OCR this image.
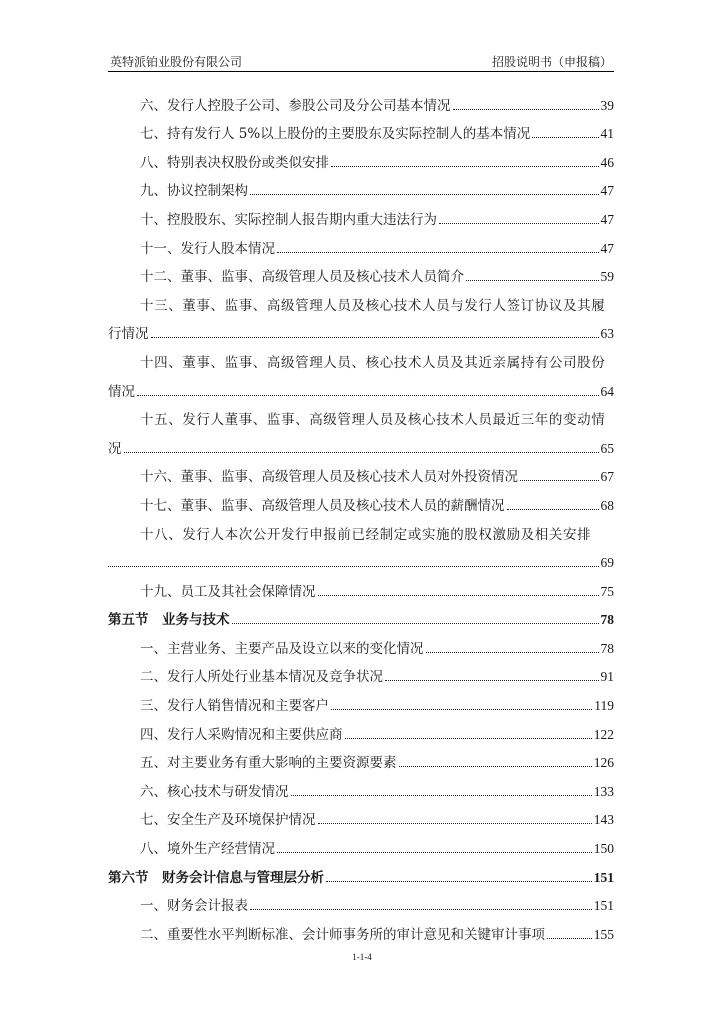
英特派铂业股份有限公司	招股说明书（申报稿）
六、发行人控股子公司、参股公司及分公司基本情况	39
七、持有发行人 5%以上股份的主要股东及实际控制人的基本情况	41
八、特别表决权股份或类似安排	46
九、协议控制架构	47
十、控股股东、实际控制人报告期内重大违法行为	47
十一、发行人股本情况	47
十二、董事、监事、高级管理人员及核心技术人员简介	59
十三、董事、监事、高级管理人员及核心技术人员与发行人签订协议及其履
行情况	63
十四、董事、监事、高级管理人员、核心技术人员及其近亲属持有公司股份
情况	64
十五、发行人董事、监事、高级管理人员及核心技术人员最近三年的变动情
况	65
十六、董事、监事、高级管理人员及核心技术人员对外投资情况	67
十七、董事、监事、高级管理人员及核心技术人员的薪酬情况	68
十八、发行人本次公开发行申报前已经制定或实施的股权激励及相关安排
69
十九、员工及其社会保障情况	75
第五节　业务与技术	78
一、主营业务、主要产品及设立以来的变化情况	78
二、发行人所处行业基本情况及竞争状况	91
三、发行人销售情况和主要客户	119
四、发行人采购情况和主要供应商	122
五、对主要业务有重大影响的主要资源要素	126
六、核心技术与研发情况	133
七、安全生产及环境保护情况	143
八、境外生产经营情况	150
第六节　财务会计信息与管理层分析	151
一、财务会计报表	151
二、重要性水平判断标准、会计师事务所的审计意见和关键审计事项	155
1-1-4
